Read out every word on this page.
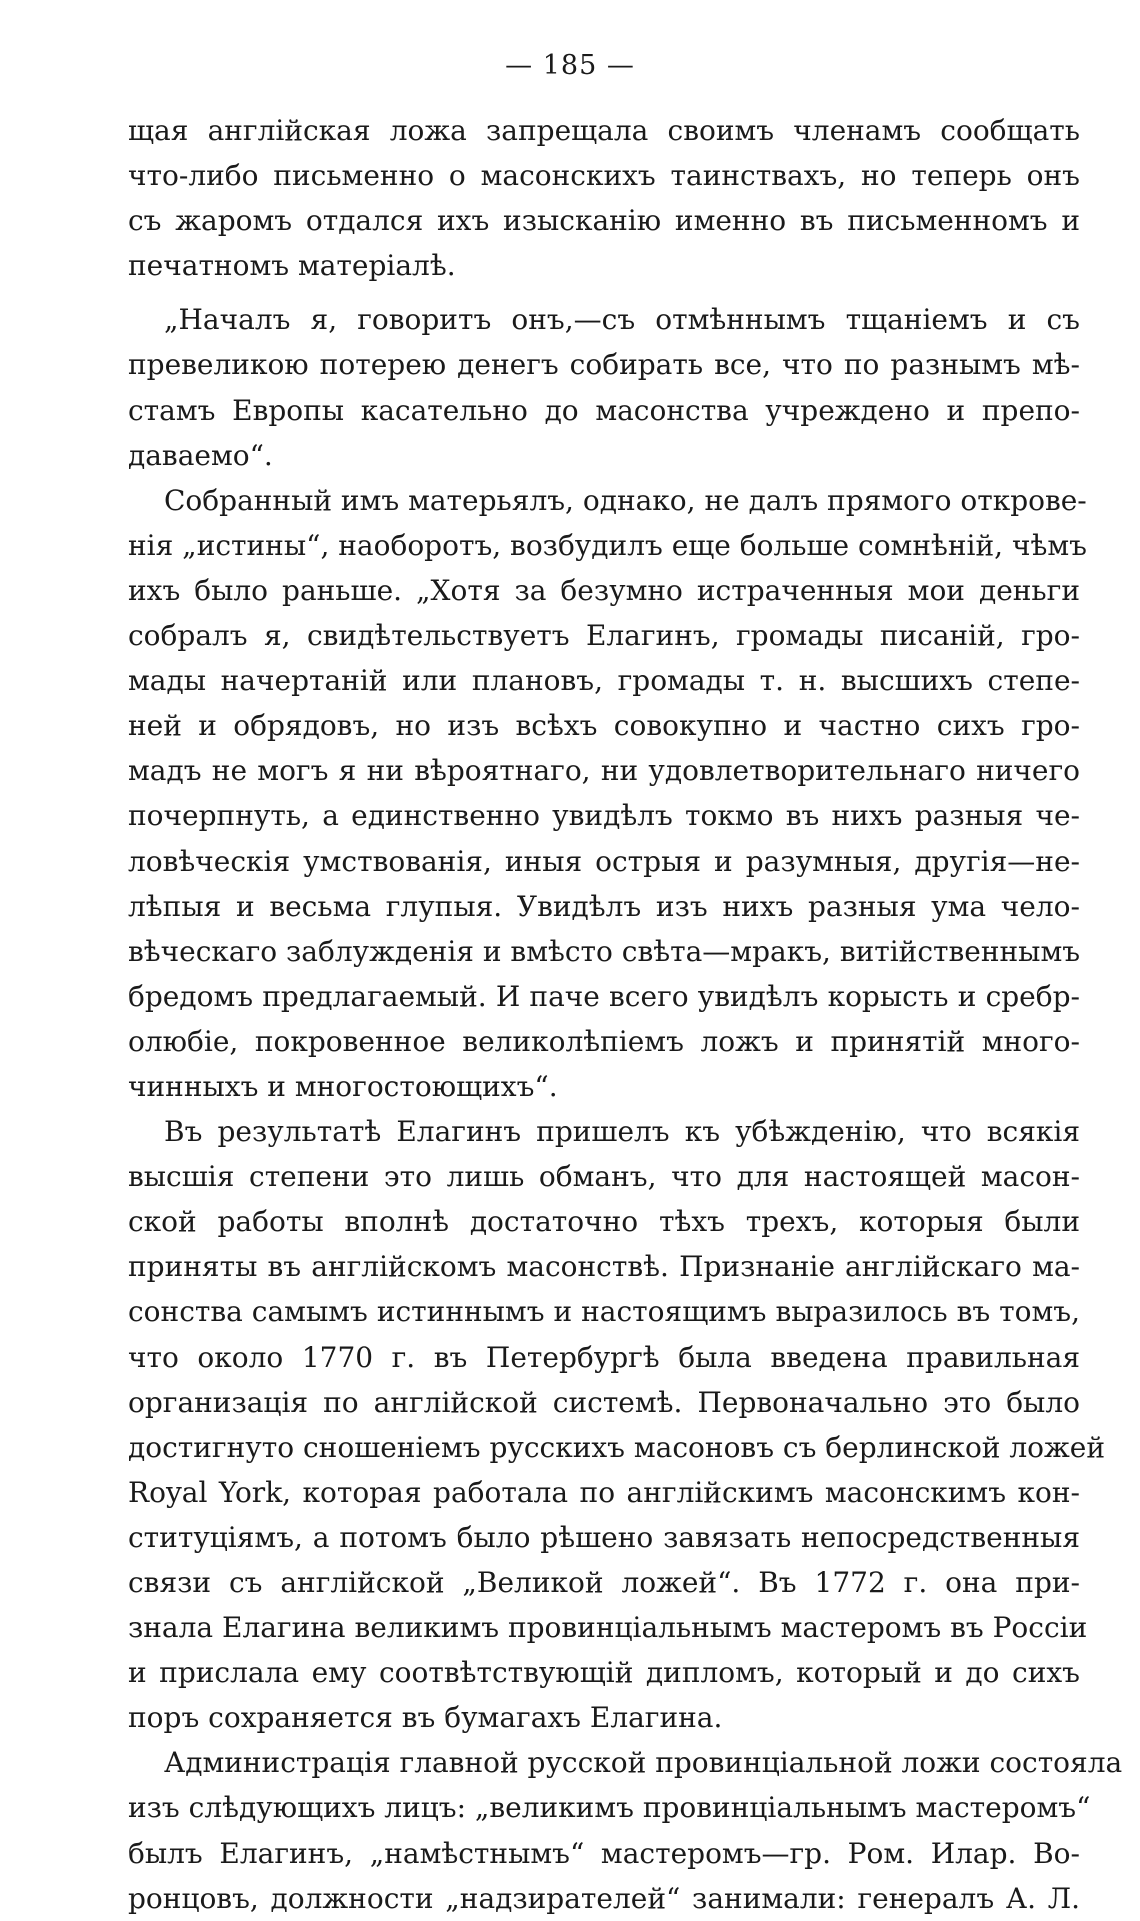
— 185 —
щая англійская ложа запрещала своимъ членамъ сообщать
что-либо письменно о масонскихъ таинствахъ, но теперь онъ
съ жаромъ отдался ихъ изысканію именно въ письменномъ и
печатномъ матеріалѣ.
„Началъ я, говоритъ онъ,—съ отмѣннымъ тщаніемъ и съ
превеликою потерею денегъ собирать все, что по разнымъ мѣ-
стамъ Европы касательно до масонства учреждено и препо-
даваемо“.
Собранный имъ матерьялъ, однако, не далъ прямого открове-
нія „истины“, наоборотъ, возбудилъ еще больше сомнѣній, чѣмъ
ихъ было раньше. „Хотя за безумно истраченныя мои деньги
собралъ я, свидѣтельствуетъ Елагинъ, громады писаній, гро-
мады начертаній или плановъ, громады т. н. высшихъ степе-
ней и обрядовъ, но изъ всѣхъ совокупно и частно сихъ гро-
мадъ не могъ я ни вѣроятнаго, ни удовлетворительнаго ничего
почерпнуть, а единственно увидѣлъ токмо въ нихъ разныя че-
ловѣческія умствованія, иныя острыя и разумныя, другія—не-
лѣпыя и весьма глупыя. Увидѣлъ изъ нихъ разныя ума чело-
вѣческаго заблужденія и вмѣсто свѣта—мракъ, витійственнымъ
бредомъ предлагаемый. И паче всего увидѣлъ корысть и сребр-
олюбіе, покровенное великолѣпіемъ ложъ и принятій много-
чинныхъ и многостоющихъ“.
Въ результатѣ Елагинъ пришелъ къ убѣжденію, что всякія
высшія степени это лишь обманъ, что для настоящей масон-
ской работы вполнѣ достаточно тѣхъ трехъ, которыя были
приняты въ англійскомъ масонствѣ. Признаніе англійскаго ма-
сонства самымъ истиннымъ и настоящимъ выразилось въ томъ,
что около 1770 г. въ Петербургѣ была введена правильная
организація по англійской системѣ. Первоначально это было
достигнуто сношеніемъ русскихъ масоновъ съ берлинской ложей
Royal York, которая работала по англійскимъ масонскимъ кон-
ституціямъ, а потомъ было рѣшено завязать непосредственныя
связи съ англійской „Великой ложей“. Въ 1772 г. она при-
знала Елагина великимъ провинціальнымъ мастеромъ въ Россіи
и прислала ему соотвѣтствующій дипломъ, который и до сихъ
поръ сохраняется въ бумагахъ Елагина.
Администрація главной русской провинціальной ложи состояла
изъ слѣдующихъ лицъ: „великимъ провинціальнымъ мастеромъ“
былъ Елагинъ, „намѣстнымъ“ мастеромъ—гр. Ром. Илар. Во-
ронцовъ, должности „надзирателей“ занимали: генералъ А. Л.
